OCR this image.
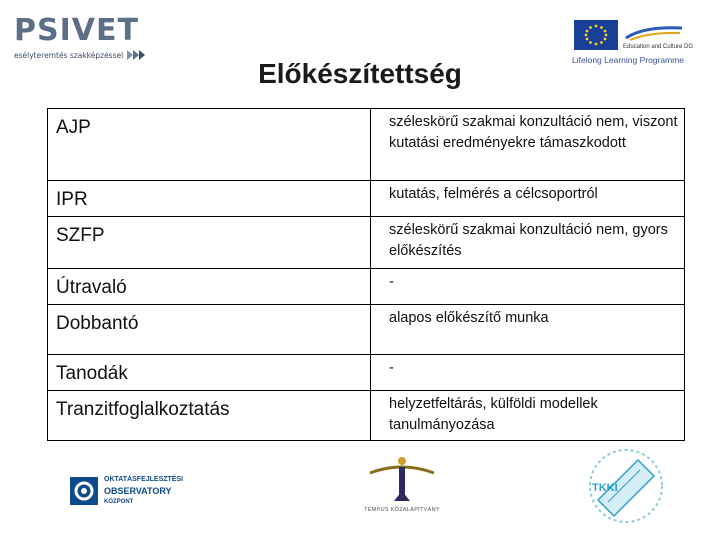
PSIVET
esélyteremtés szakképzéssel
Education and Culture DG
Lifelong Learning Programme
Előkészítettség
AJP	széleskörű szakmai konzultáció nem, viszont kutatási eredményekre támaszkodott
IPR	kutatás, felmérés a célcsoportról
SZFP	széleskörű szakmai konzultáció nem, gyors előkészítés
Útravaló	-
Dobbantó	alapos előkészítő munka
Tanodák	-
Tranzitfoglalkoztatás	helyzetfeltárás, külföldi modellek tanulmányozása
OKTATÁSFEJLESZTÉSI
OBSERVATORY
KÖZPONT
TEMPUS KÖZALAPÍTVÁNY
TKKI
